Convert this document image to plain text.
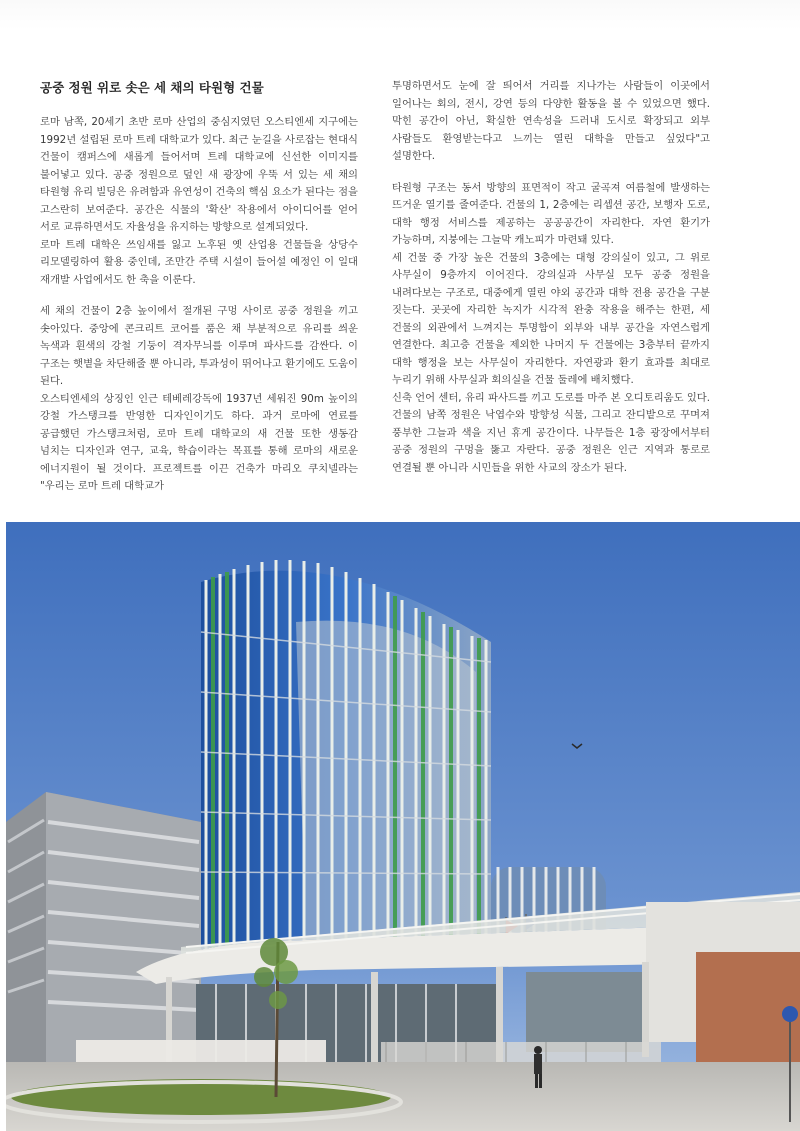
공중 정원 위로 솟은 세 채의 타원형 건물

로마 남쪽, 20세기 초반 로마 산업의 중심지였던 오스티엔세 지구에는 1992년 설립된 로마 트레 대학교가 있다. 최근 눈길을 사로잡는 현대식 건물이 캠퍼스에 새롭게 들어서며 트레 대학교에 신선한 이미지를 불어넣고 있다. 공중 정원으로 덮인 새 광장에 우뚝 서 있는 세 채의 타원형 유리 빌딩은 유려함과 유연성이 건축의 핵심 요소가 된다는 점을 고스란히 보여준다. 공간은 식물의 '확산' 작용에서 아이디어를 얻어 서로 교류하면서도 자율성을 유지하는 방향으로 설계되었다.

로마 트레 대학은 쓰임새를 잃고 노후된 옛 산업용 건물들을 상당수 리모델링하여 활용 중인데, 조만간 주택 시설이 들어설 예정인 이 일대 재개발 사업에서도 한 축을 이룬다.

세 채의 건물이 2층 높이에서 절개된 구멍 사이로 공중 정원을 끼고 솟아있다. 중앙에 콘크리트 코어를 품은 채 부분적으로 유리를 씌운 녹색과 흰색의 강철 기둥이 격자무늬를 이루며 파사드를 감싼다. 이 구조는 햇볕을 차단해줄 뿐 아니라, 투과성이 뛰어나고 환기에도 도움이 된다.

오스티엔세의 상징인 인근 테베레강독에 1937년 세워진 90m 높이의 강철 가스탱크를 반영한 디자인이기도 하다. 과거 로마에 연료를 공급했던 가스탱크처럼, 로마 트레 대학교의 새 건물 또한 생동감 넘치는 디자인과 연구, 교육, 학습이라는 목표를 통해 로마의 새로운 에너지원이 될 것이다. 프로젝트를 이끈 건축가 마리오 쿠치넬라는 "우리는 로마 트레 대학교가

투명하면서도 눈에 잘 띄어서 거리를 지나가는 사람들이 이곳에서 일어나는 회의, 전시, 강연 등의 다양한 활동을 볼 수 있었으면 했다. 막힌 공간이 아닌, 확실한 연속성을 드러내 도시로 확장되고 외부 사람들도 환영받는다고 느끼는 열린 대학을 만들고 싶었다"고 설명한다.

타원형 구조는 동서 방향의 표면적이 작고 굴곡져 여름철에 발생하는 뜨거운 열기를 줄여준다. 건물의 1, 2층에는 리셉션 공간, 보행자 도로, 대학 행정 서비스를 제공하는 공공공간이 자리한다. 자연 환기가 가능하며, 지붕에는 그늘막 캐노피가 마련돼 있다.

세 건물 중 가장 높은 건물의 3층에는 대형 강의실이 있고, 그 위로 사무실이 9층까지 이어진다. 강의실과 사무실 모두 공중 정원을 내려다보는 구조로, 대중에게 열린 야외 공간과 대학 전용 공간을 구분 짓는다. 곳곳에 자리한 녹지가 시각적 완충 작용을 해주는 한편, 세 건물의 외관에서 느껴지는 투명함이 외부와 내부 공간을 자연스럽게 연결한다. 최고층 건물을 제외한 나머지 두 건물에는 3층부터 끝까지 대학 행정을 보는 사무실이 자리한다. 자연광과 환기 효과를 최대로 누리기 위해 사무실과 회의실을 건물 둘레에 배치했다.

신축 언어 센터, 유리 파사드를 끼고 도로를 마주 본 오디토리움도 있다. 건물의 남쪽 정원은 낙엽수와 방향성 식물, 그리고 잔디밭으로 꾸며져 풍부한 그늘과 색을 지닌 휴게 공간이다. 나무들은 1층 광장에서부터 공중 정원의 구멍을 뚫고 자란다. 공중 정원은 인근 지역과 통로로 연결될 뿐 아니라 시민들을 위한 사교의 장소가 된다.
